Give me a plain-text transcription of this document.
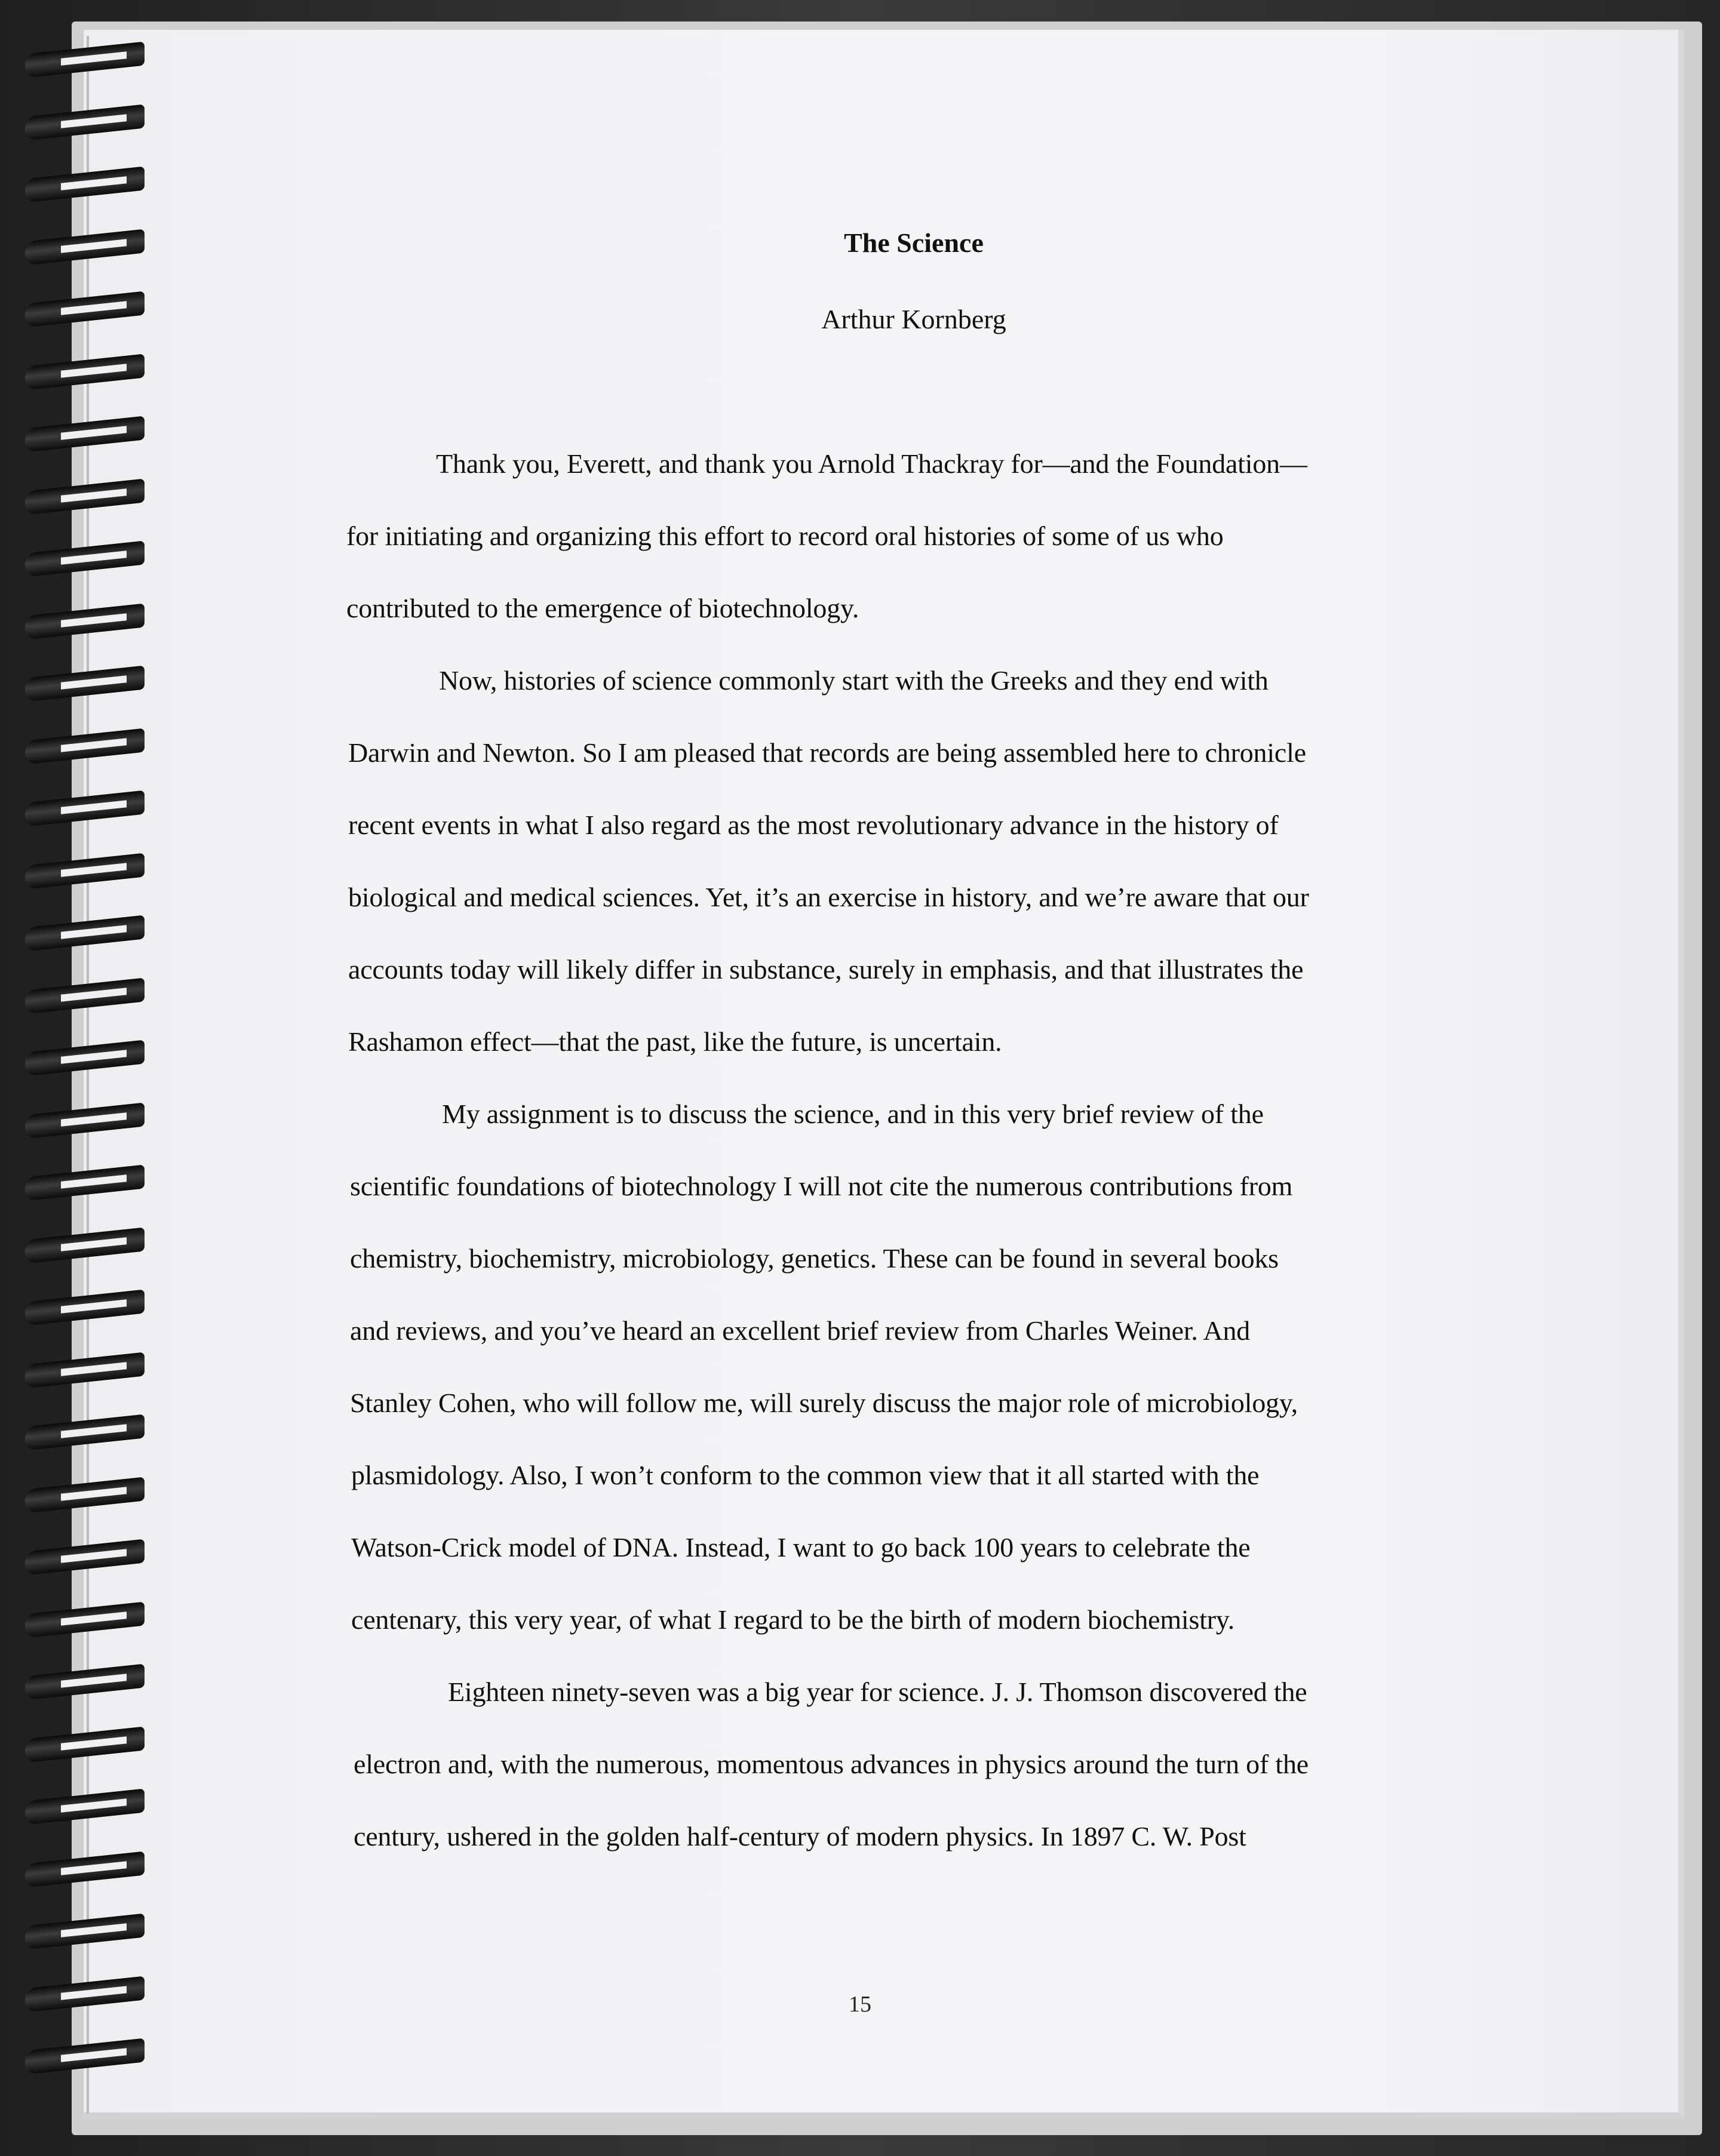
The Science
Arthur Kornberg
Thank you, Everett, and thank you Arnold Thackray for—and the Foundation—
for initiating and organizing this effort to record oral histories of some of us who
contributed to the emergence of biotechnology.
Now, histories of science commonly start with the Greeks and they end with
Darwin and Newton. So I am pleased that records are being assembled here to chronicle
recent events in what I also regard as the most revolutionary advance in the history of
biological and medical sciences. Yet, it’s an exercise in history, and we’re aware that our
accounts today will likely differ in substance, surely in emphasis, and that illustrates the
Rashamon effect—that the past, like the future, is uncertain.
My assignment is to discuss the science, and in this very brief review of the
scientific foundations of biotechnology I will not cite the numerous contributions from
chemistry, biochemistry, microbiology, genetics. These can be found in several books
and reviews, and you’ve heard an excellent brief review from Charles Weiner. And
Stanley Cohen, who will follow me, will surely discuss the major role of microbiology,
plasmidology. Also, I won’t conform to the common view that it all started with the
Watson-Crick model of DNA. Instead, I want to go back 100 years to celebrate the
centenary, this very year, of what I regard to be the birth of modern biochemistry.
Eighteen ninety-seven was a big year for science. J. J. Thomson discovered the
electron and, with the numerous, momentous advances in physics around the turn of the
century, ushered in the golden half-century of modern physics. In 1897 C. W. Post
15
